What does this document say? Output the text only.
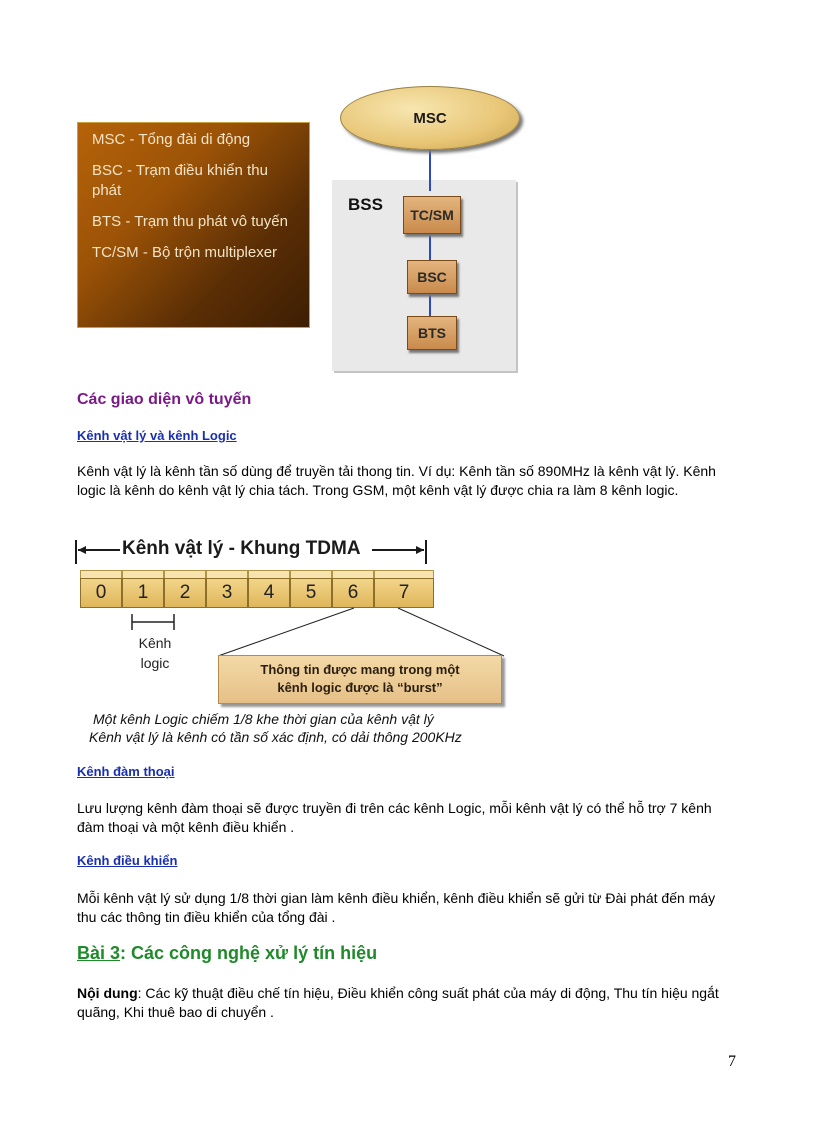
MSC - Tổng đài di động

BSC - Trạm điều khiển thu phát

BTS - Trạm thu phát vô tuyến

TC/SM - Bộ trộn multiplexer

MSC
BSS
TC/SM
BSC
BTS
Các giao diện vô tuyến
Kênh vật lý và kênh Logic
Kênh vật lý là kênh tần số dùng để truyền tải thong tin. Ví dụ: Kênh tần số 890MHz là kênh vật lý. Kênh logic là kênh do kênh vật lý chia tách. Trong GSM, một kênh vật lý được chia ra làm 8 kênh logic.
Kênh vật lý - Khung TDMA
0	1	2	3	4	5	6	7
Kênh
logic	Thông tin được mang trong một
kênh logic được là “burst”
Một kênh Logic chiếm 1/8 khe thời gian của kênh vật lý
Kênh vật lý là kênh có tần số xác định, có dải thông 200KHz
Kênh đàm thoại
Lưu lượng kênh đàm thoại sẽ được truyền đi trên các kênh Logic, mỗi kênh vật lý có thể hỗ trợ 7 kênh đàm thoại và một kênh điều khiển .
Kênh điều khiển
Mỗi kênh vật lý sử dụng 1/8 thời gian làm kênh điều khiển, kênh điều khiển sẽ gửi từ Đài phát đến máy thu các thông tin điều khiển của tổng đài .
Bài 3: Các công nghệ xử lý tín hiệu
Nội dung: Các kỹ thuật điều chế tín hiệu, Điều khiển công suất phát của máy di động, Thu tín hiệu ngắt quãng, Khi thuê bao di chuyển .
7
